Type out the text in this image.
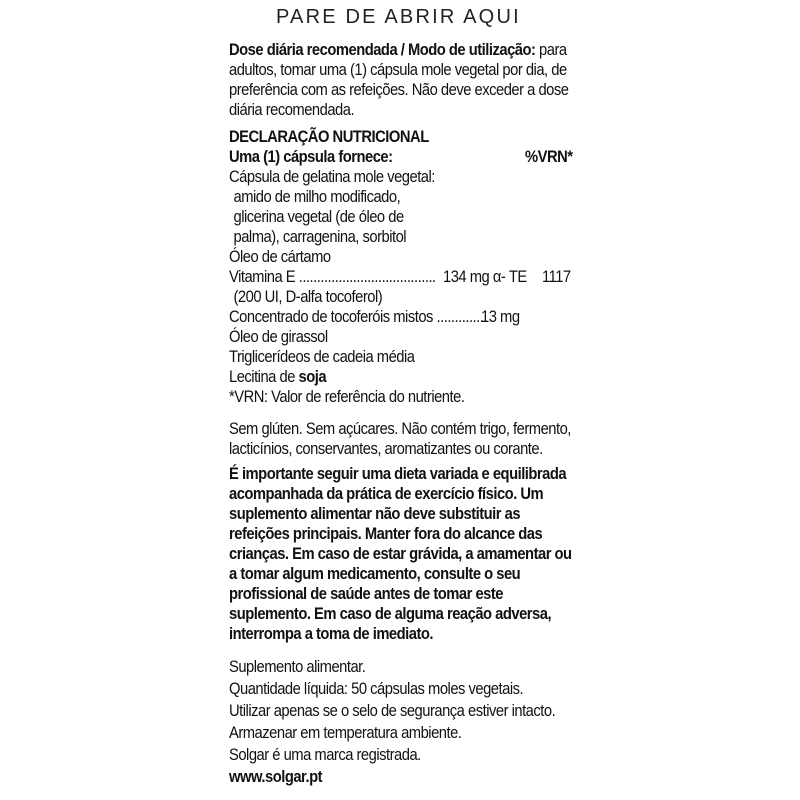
PARE DE ABRIR AQUI
Dose diária recomendada / Modo de utilização: para
adultos, tomar uma (1) cápsula mole vegetal por dia, de
preferência com as refeições. Não deve exceder a dose
diária recomendada.
DECLARAÇÃO NUTRICIONAL
Uma (1) cápsula fornece:	%VRN*
Cápsula de gelatina mole vegetal:
amido de milho modificado,
glicerina vegetal (de óleo de
palma), carragenina, sorbitol
Óleo de cártamo
Vitamina E ...................................... 134 mg α- TE 1117
(200 UI, D-alfa tocoferol)
Concentrado de tocoferóis mistos ..............
13 mg
Óleo de girassol
Triglicerídeos de cadeia média
Lecitina de soja
*VRN: Valor de referência do nutriente.
Sem glúten. Sem açúcares. Não contém trigo, fermento,
lacticínios, conservantes, aromatizantes ou corante.
É importante seguir uma dieta variada e equilibrada
acompanhada da prática de exercício físico. Um
suplemento alimentar não deve substituir as
refeições principais. Manter fora do alcance das
crianças. Em caso de estar grávida, a amamentar ou
a tomar algum medicamento, consulte o seu
profissional de saúde antes de tomar este
suplemento. Em caso de alguma reação adversa,
interrompa a toma de imediato.
Suplemento alimentar.
Quantidade líquida: 50 cápsulas moles vegetais.
Utilizar apenas se o selo de segurança estiver intacto.
Armazenar em temperatura ambiente.
Solgar é uma marca registrada.
www.solgar.pt
